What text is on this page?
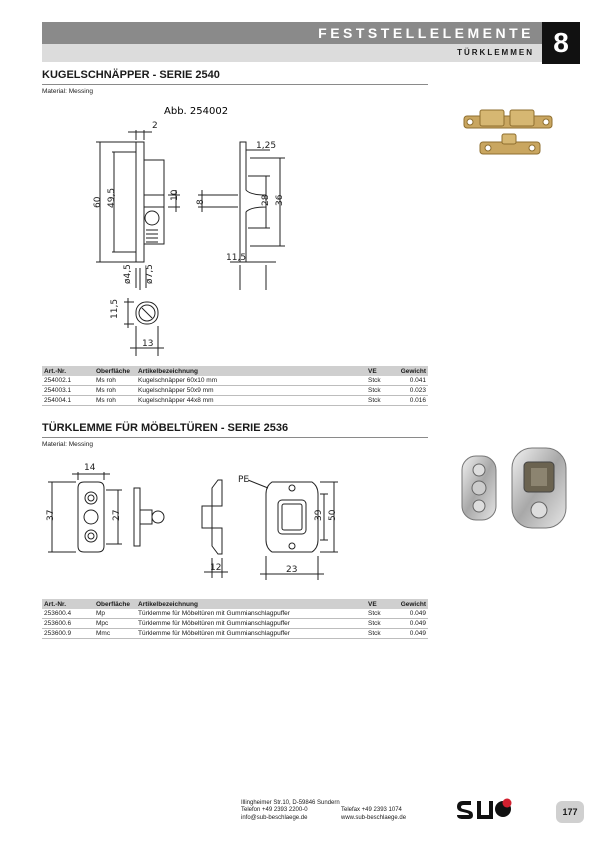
FESTSTELLELEMENTE
TÜRKLEMMEN 8
KUGELSCHNÄPPER - SERIE 2540
Material: Messing
Abb. 254002
2
60 49,5	10
ø4,5 ø7,5
1,25
8	28 36
11,5
11,5
13
Art.-Nr.	Oberfläche	Artikelbezeichnung	VE	Gewicht
254002.1	Ms roh	Kugelschnäpper 60x10 mm	Stck	0.041
254003.1	Ms roh	Kugelschnäpper 50x9 mm	Stck	0.023
254004.1	Ms roh	Kugelschnäpper 44x8 mm	Stck	0.016
TÜRKLEMME FÜR MÖBELTÜREN - SERIE 2536
Material: Messing
14
37	27
PE
39 50
12	23
Art.-Nr.	Oberfläche	Artikelbezeichnung	VE	Gewicht
253600.4	Mp	Türklemme für Möbeltüren mit Gummianschlagpuffer	Stck	0.049
253600.6	Mpc	Türklemme für Möbeltüren mit Gummianschlagpuffer	Stck	0.049
253600.9	Mmc	Türklemme für Möbeltüren mit Gummianschlagpuffer	Stck	0.049
Illingheimer Str.10, D-59846 Sundern
Telefon +49 2393 2200-0	Telefax +49 2393 1074
info@sub-beschlaege.de	www.sub-beschlaege.de
177
